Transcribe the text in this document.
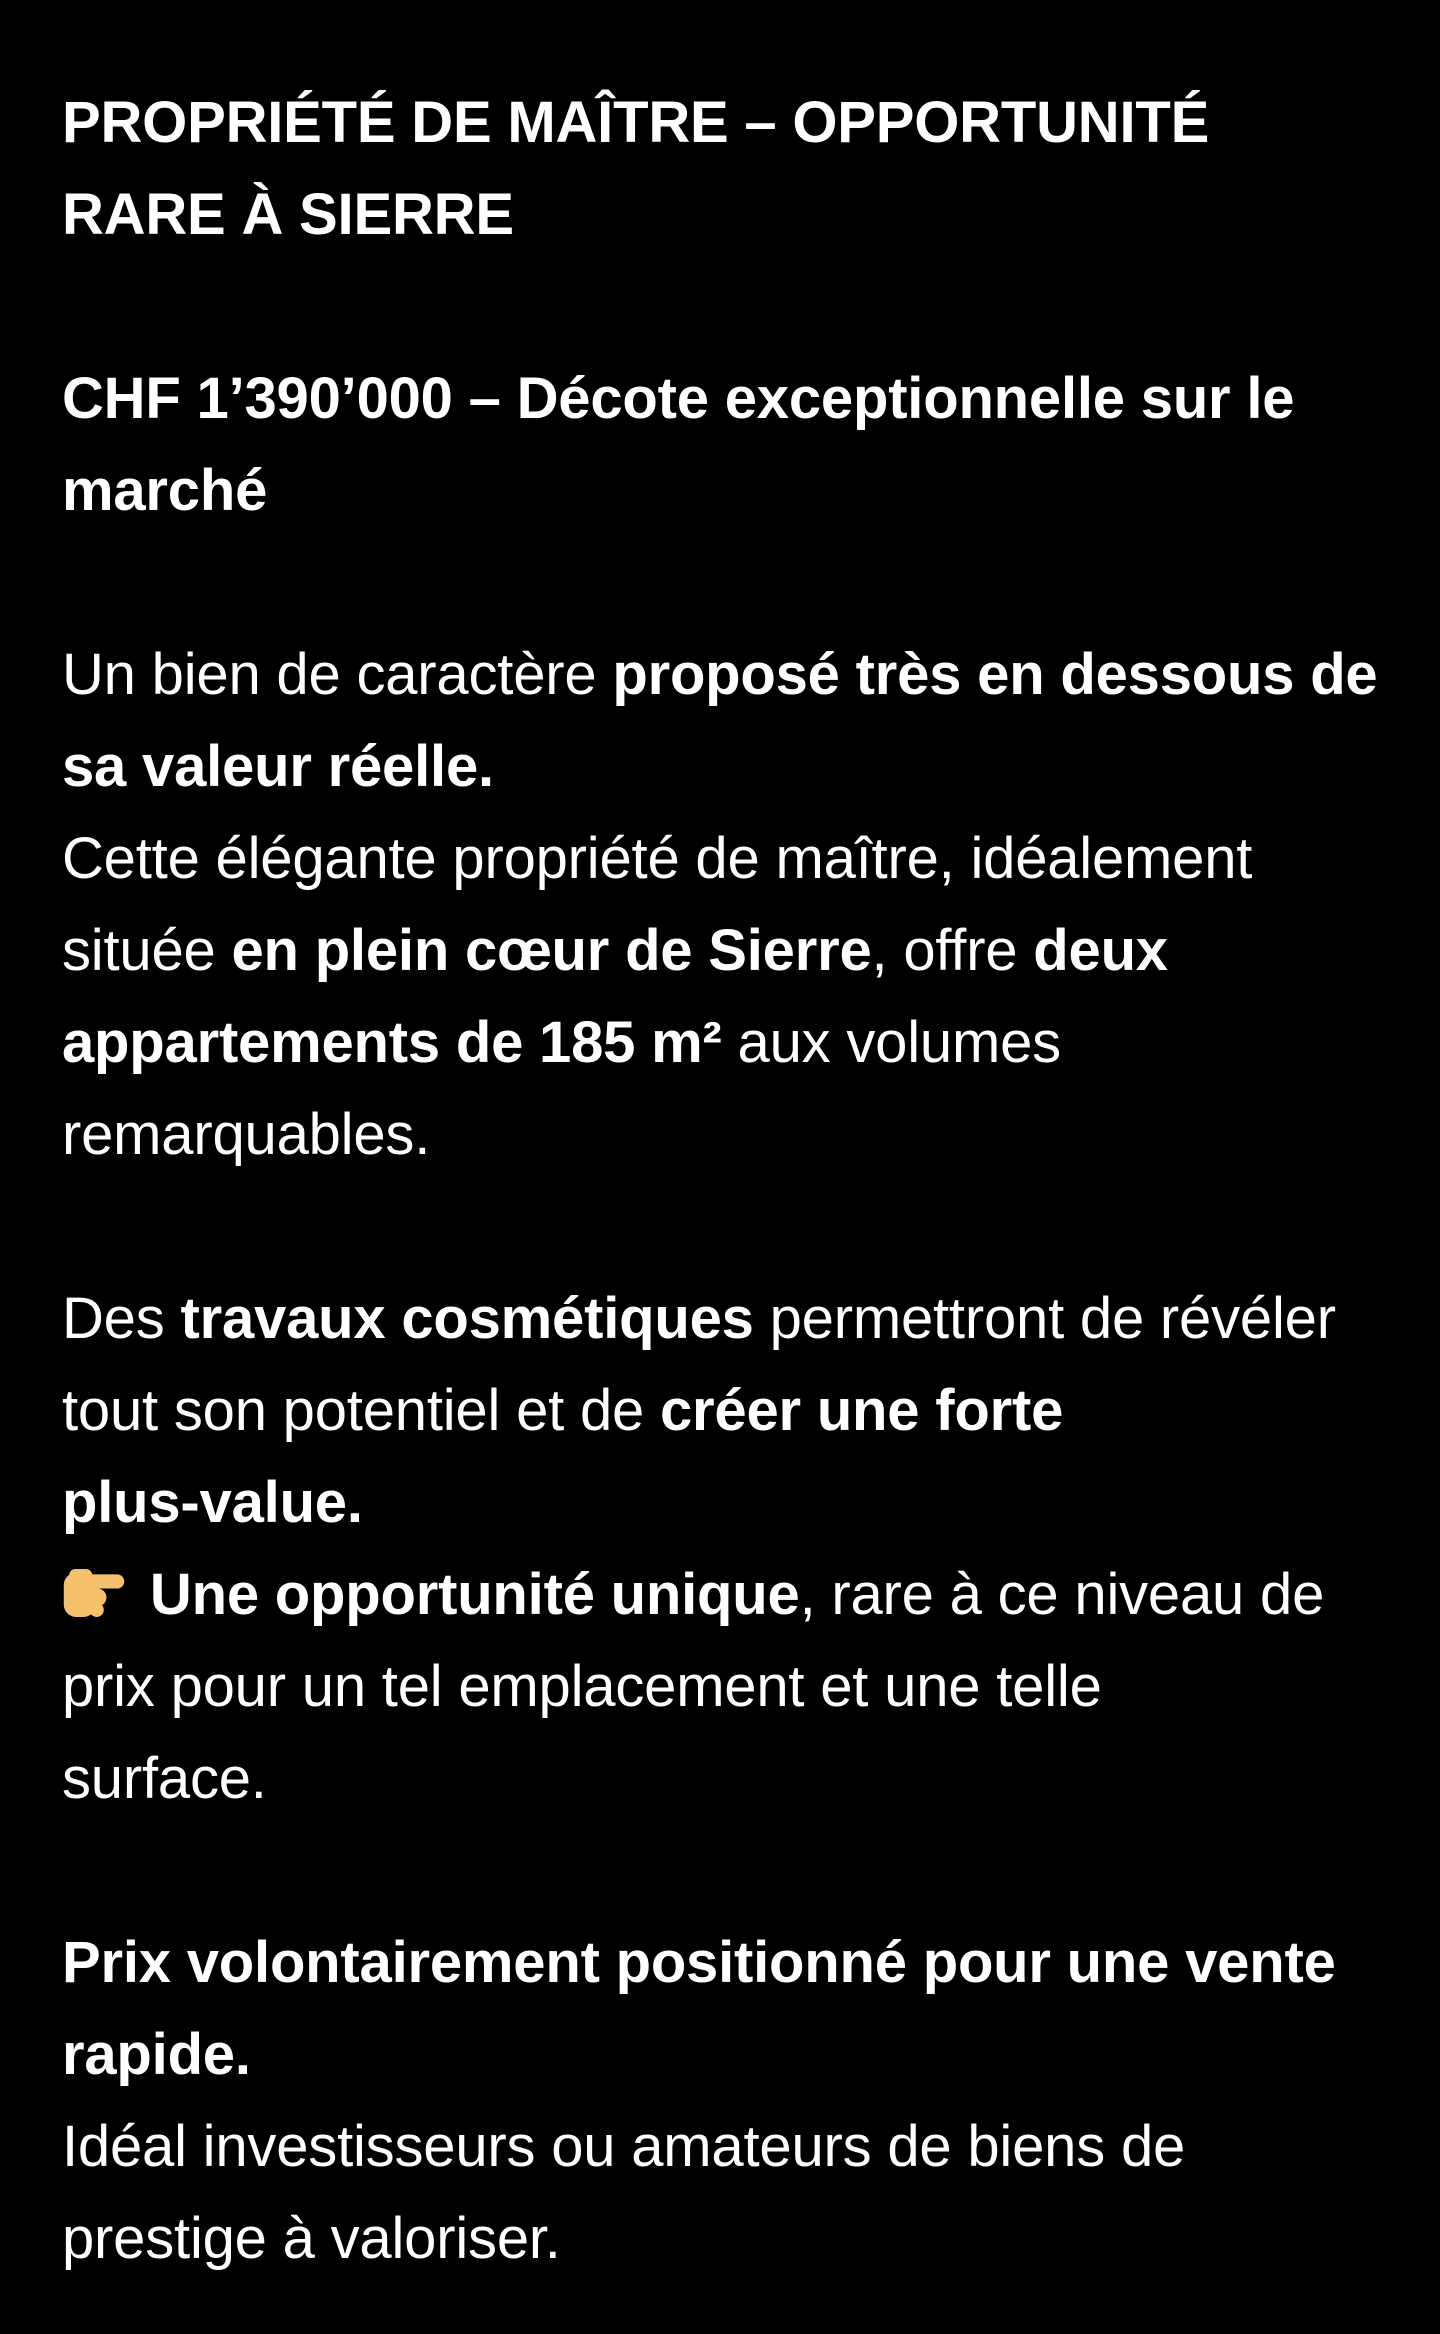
PROPRIÉTÉ DE MAÎTRE – OPPORTUNITÉ
RARE À SIERRE

CHF 1’390’000 – Décote exceptionnelle sur le
marché

Un bien de caractère proposé très en dessous de
sa valeur réelle.
Cette élégante propriété de maître, idéalement
située en plein cœur de Sierre, offre deux
appartements de 185 m² aux volumes
remarquables.

Des travaux cosmétiques permettront de révéler
tout son potentiel et de créer une forte
plus-value.
Une opportunité unique, rare à ce niveau de
prix pour un tel emplacement et une telle
surface.

Prix volontairement positionné pour une vente
rapide.
Idéal investisseurs ou amateurs de biens de
prestige à valoriser.
